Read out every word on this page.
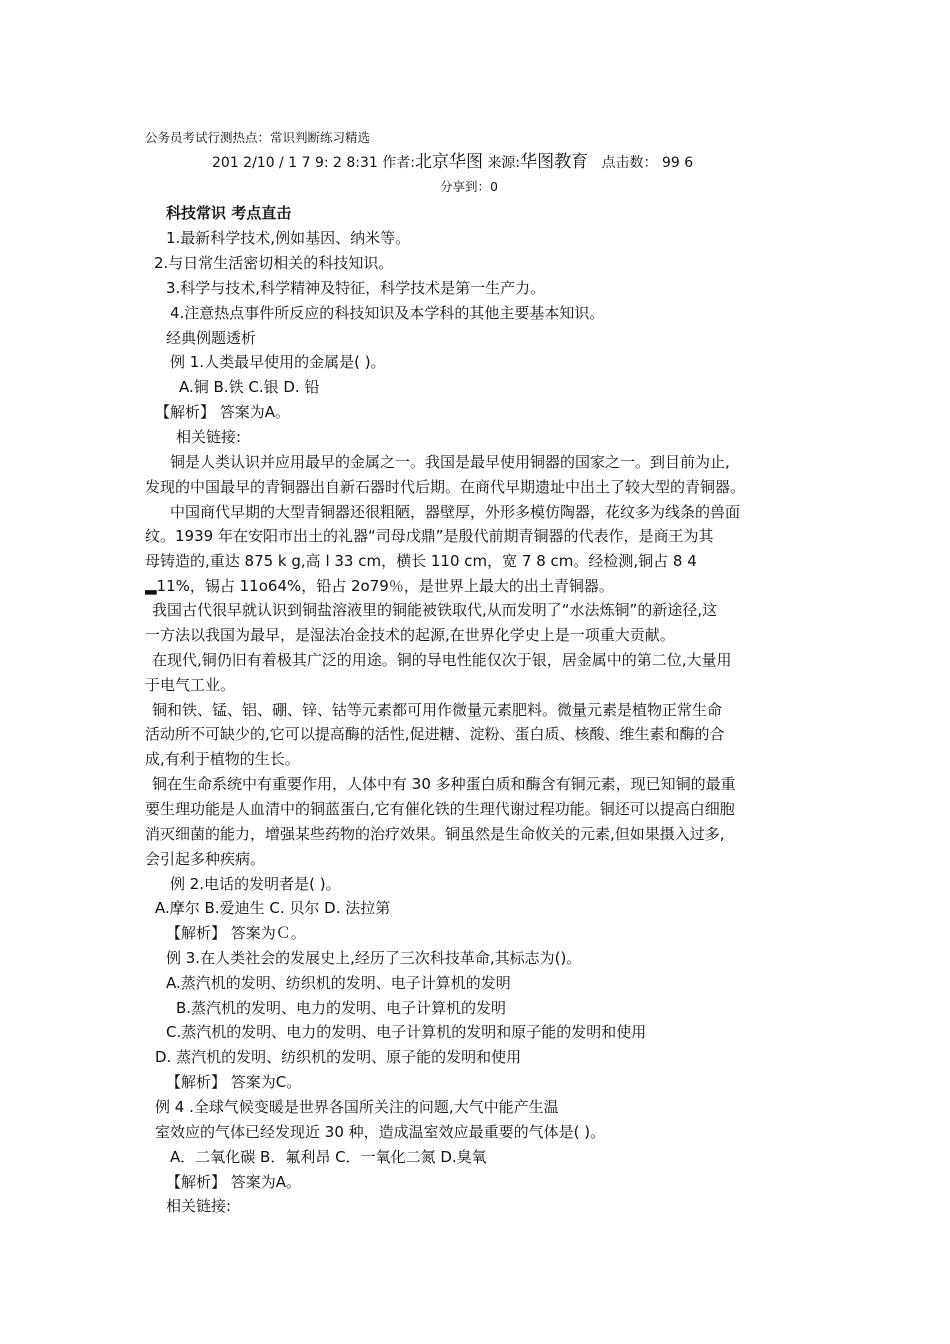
公务员考试行测热点：常识判断练习精选
201 2/10 / 1 7 9: 2 8:31 作者:北京华图 来源:华图教育 点击数： 99 6
分享到：0
科技常识 考点直击
1.最新科学技术,例如基因、纳米等。
2.与日常生活密切相关的科技知识。
3.科学与技术,科学精神及特征，科学技术是第一生产力。
4.注意热点事件所反应的科技知识及本学科的其他主要基本知识。
经典例题透析
例 1.人类最早使用的金属是( )。
A.铜 B.铁 C.银 D. 铅
【解析】 答案为A。
相关链接:
铜是人类认识并应用最早的金属之一。我国是最早使用铜器的国家之一。到目前为止,
发现的中国最早的青铜器出自新石器时代后期。在商代早期遗址中出土了较大型的青铜器。
中国商代早期的大型青铜器还很粗陋，器壁厚，外形多模仿陶器，花纹多为线条的兽面
纹。1939 年在安阳市出土的礼器“司母戊鼎”是殷代前期青铜器的代表作，是商王为其
母铸造的,重达 875 k g,高 l 33 cm，横长 110 cm，宽 7 8 cm。经检测,铜占 8 4
▂11%，锡占 11o64%，铅占 2o79％，是世界上最大的出土青铜器。
我国古代很早就认识到铜盐溶液里的铜能被铁取代,从而发明了“水法炼铜”的新途径,这
一方法以我国为最早，是湿法冶金技术的起源,在世界化学史上是一项重大贡献。
在现代,铜仍旧有着极其广泛的用途。铜的导电性能仅次于银，居金属中的第二位,大量用
于电气工业。
铜和铁、锰、铝、硼、锌、钴等元素都可用作微量元素肥料。微量元素是植物正常生命
活动所不可缺少的,它可以提高酶的活性,促进糖、淀粉、蛋白质、核酸、维生素和酶的合
成,有利于植物的生长。
铜在生命系统中有重要作用，人体中有 30 多种蛋白质和酶含有铜元素，现已知铜的最重
要生理功能是人血清中的铜蓝蛋白,它有催化铁的生理代谢过程功能。铜还可以提高白细胞
消灭细菌的能力，增强某些药物的治疗效果。铜虽然是生命攸关的元素,但如果摄入过多,
会引起多种疾病。
例 2.电话的发明者是( )。
A.摩尔 B.爱迪生 C. 贝尔 D. 法拉第
【解析】 答案为Ｃ。
例 3.在人类社会的发展史上,经历了三次科技革命,其标志为()。
A.蒸汽机的发明、纺织机的发明、电子计算机的发明
B.蒸汽机的发明、电力的发明、电子计算机的发明
C.蒸汽机的发明、电力的发明、电子计算机的发明和原子能的发明和使用
D. 蒸汽机的发明、纺织机的发明、原子能的发明和使用
【解析】 答案为C。
例 4 .全球气候变暖是世界各国所关注的问题,大气中能产生温
室效应的气体已经发现近 30 种，造成温室效应最重要的气体是( )。
A．二氧化碳 B．氟利昂 C．一氧化二氮 D.臭氧
【解析】 答案为A。
相关链接:
